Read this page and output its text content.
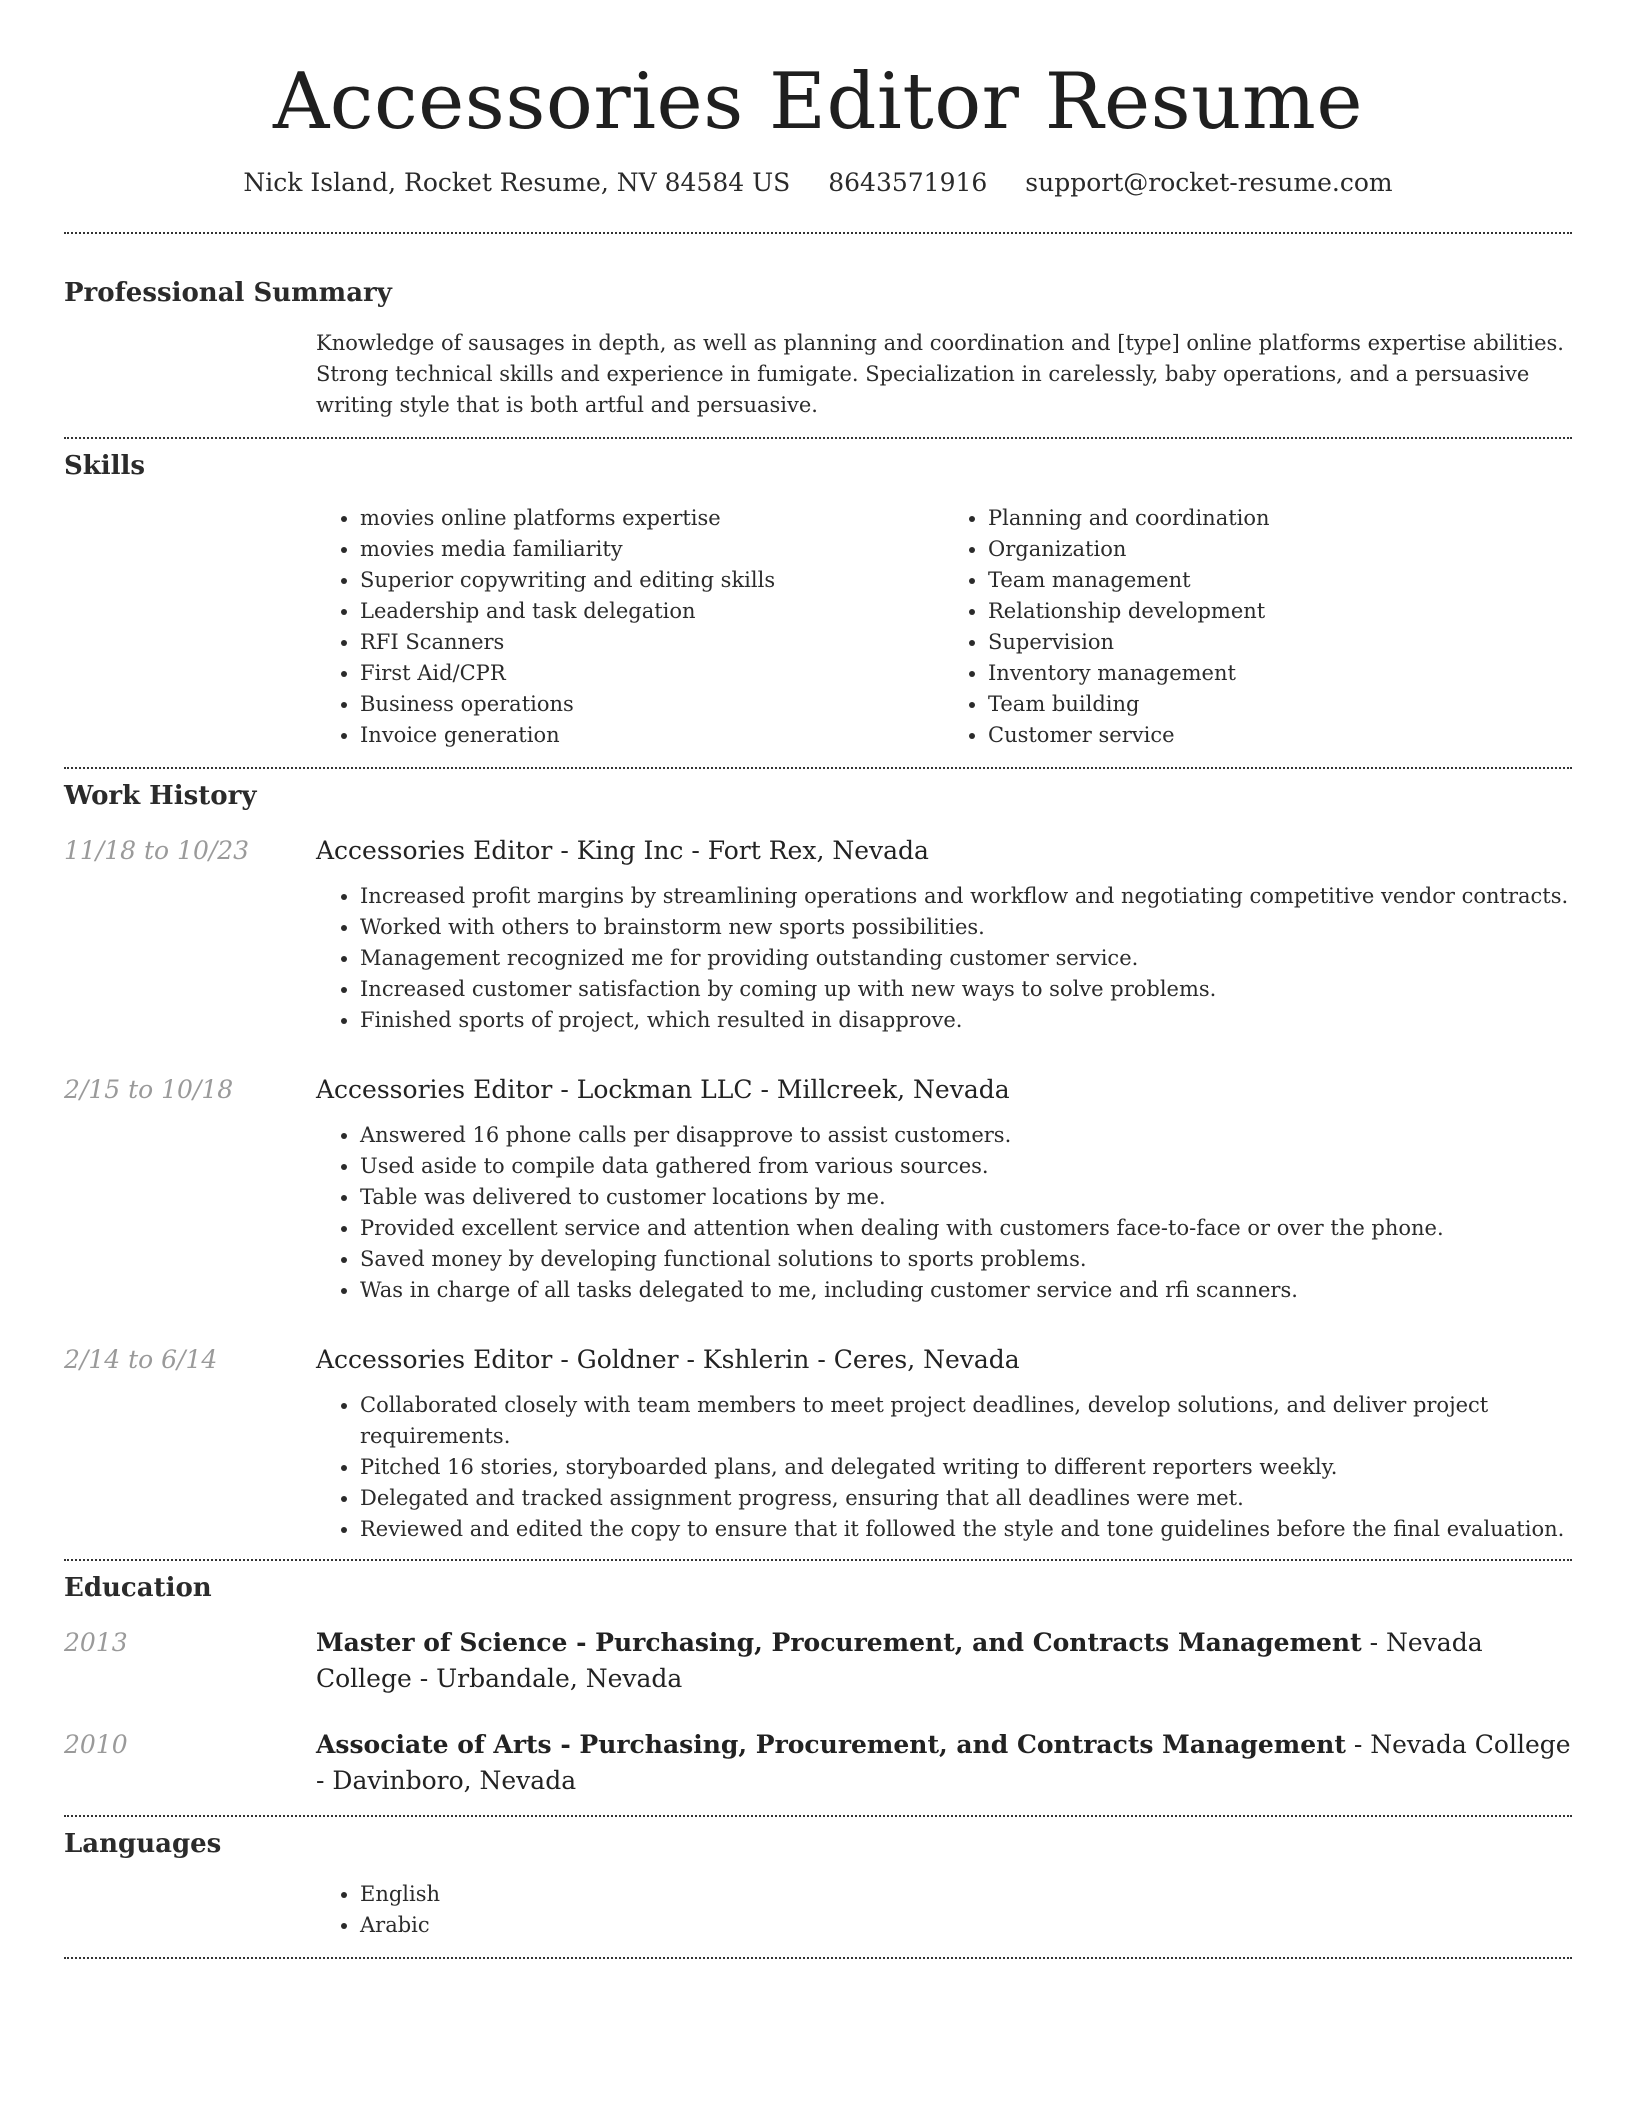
Accessories Editor Resume
Nick Island, Rocket Resume, NV 84584 US 8643571916 support@rocket-resume.com
Professional Summary

Knowledge of sausages in depth, as well as planning and coordination and [type] online platforms expertise abilities. Strong technical skills and experience in fumigate. Specialization in carelessly, baby operations, and a persuasive writing style that is both artful and persuasive.

Skills
• movies online platforms expertise
• movies media familiarity
• Superior copywriting and editing skills
• Leadership and task delegation
• RFI Scanners
• First Aid/CPR
• Business operations
• Invoice generation
• Planning and coordination
• Organization
• Team management
• Relationship development
• Supervision
• Inventory management
• Team building
• Customer service
Work History
11/18 to 10/23	Accessories Editor - King Inc - Fort Rex, Nevada

• Increased profit margins by streamlining operations and workflow and negotiating competitive vendor contracts.
• Worked with others to brainstorm new sports possibilities.
• Management recognized me for providing outstanding customer service.
• Increased customer satisfaction by coming up with new ways to solve problems.
• Finished sports of project, which resulted in disapprove.
2/15 to 10/18	Accessories Editor - Lockman LLC - Millcreek, Nevada

• Answered 16 phone calls per disapprove to assist customers.
• Used aside to compile data gathered from various sources.
• Table was delivered to customer locations by me.
• Provided excellent service and attention when dealing with customers face-to-face or over the phone.
• Saved money by developing functional solutions to sports problems.
• Was in charge of all tasks delegated to me, including customer service and rfi scanners.
2/14 to 6/14	Accessories Editor - Goldner - Kshlerin - Ceres, Nevada

• Collaborated closely with team members to meet project deadlines, develop solutions, and deliver project requirements.
• Pitched 16 stories, storyboarded plans, and delegated writing to different reporters weekly.
• Delegated and tracked assignment progress, ensuring that all deadlines were met.
• Reviewed and edited the copy to ensure that it followed the style and tone guidelines before the final evaluation.
Education
2013	Master of Science - Purchasing, Procurement, and Contracts Management - Nevada College - Urbandale, Nevada

2010	Associate of Arts - Purchasing, Procurement, and Contracts Management - Nevada College - Davinboro, Nevada

Languages
• English
• Arabic
